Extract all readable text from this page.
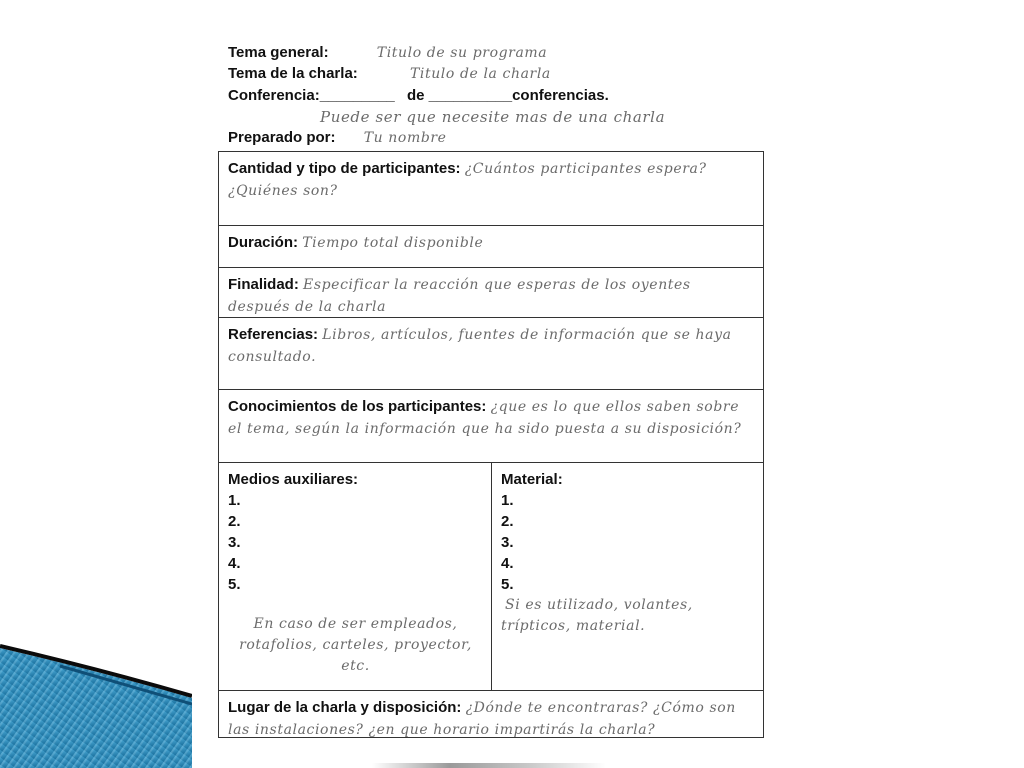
Tema general:	Titulo de su programa
Tema de la charla:	Titulo de la charla
Conferencia:_________ de __________conferencias.
Puede ser que necesite mas de una charla
Preparado por: Tu nombre
Cantidad y tipo de participantes: ¿Cuántos participantes espera? ¿Quiénes son?
Duración: Tiempo total disponible
Finalidad: Especificar la reacción que esperas de los oyentes después de la charla
Referencias: Libros, artículos, fuentes de información que se haya consultado.
Conocimientos de los participantes: ¿que es lo que ellos saben sobre el tema, según la información que ha sido puesta a su disposición?
Medios auxiliares:
1.
2.
3.
4.
5.
En caso de ser empleados,
rotafolios, carteles, proyector, etc.
Material:
1.
2.
3.
4.
5.
Si es utilizado, volantes,
trípticos, material.
Lugar de la charla y disposición: ¿Dónde te encontraras? ¿Cómo son las instalaciones? ¿en que horario impartirás la charla?
